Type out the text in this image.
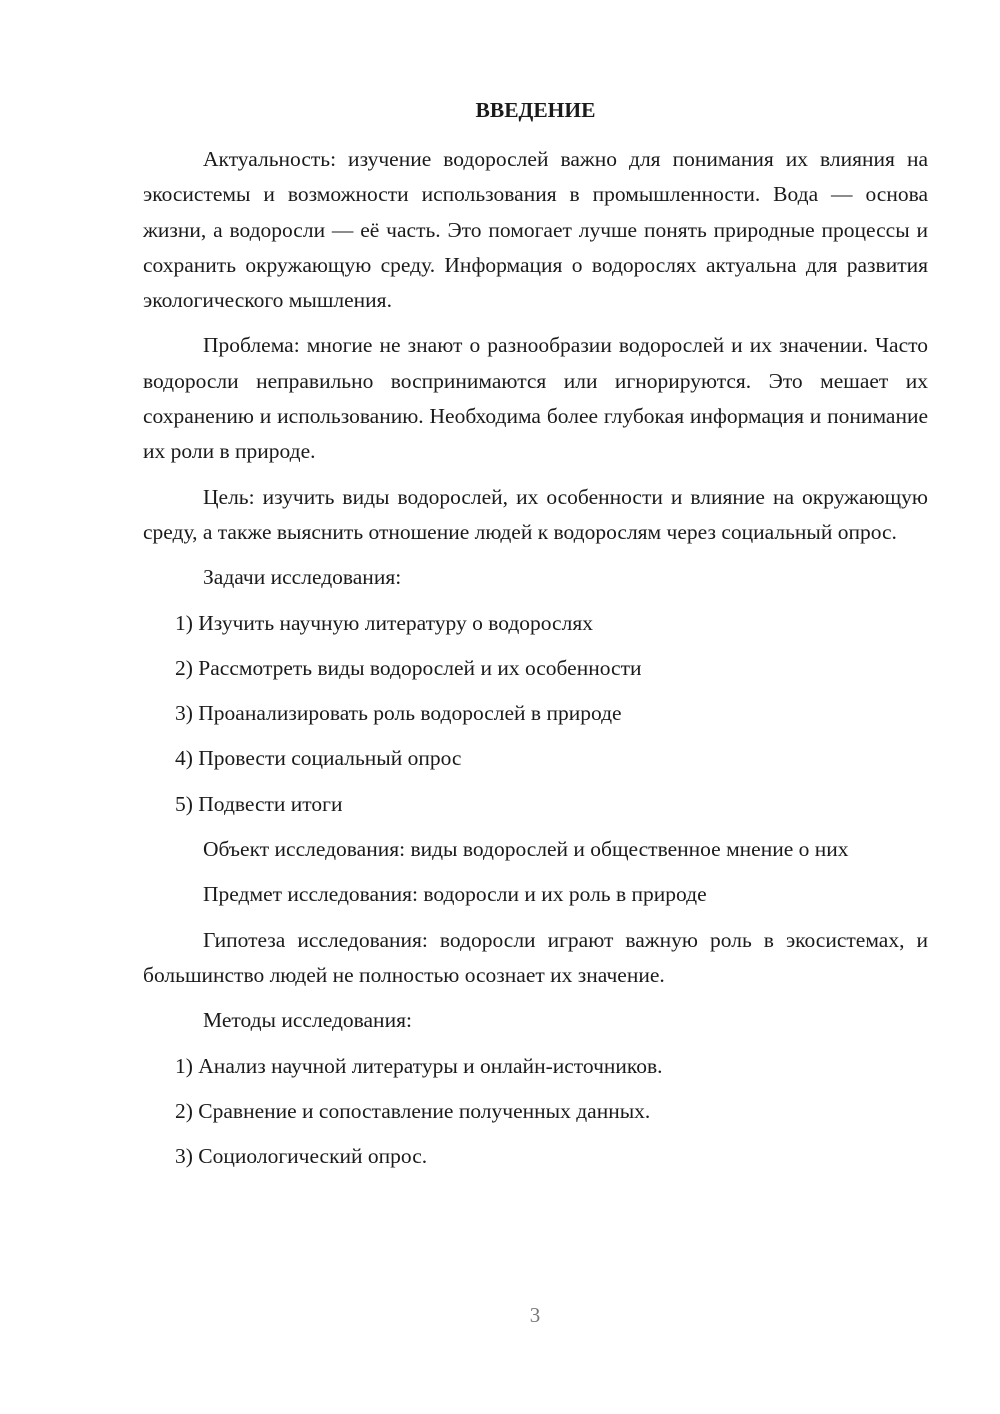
ВВЕДЕНИЕ

Актуальность: изучение водорослей важно для понимания их влияния на экосистемы и возможности использования в промышленности. Вода — основа жизни, а водоросли — её часть. Это помогает лучше понять природные процессы и сохранить окружающую среду. Информация о водорослях актуальна для развития экологического мышления.

Проблема: многие не знают о разнообразии водорослей и их значении. Часто водоросли неправильно воспринимаются или игнорируются. Это мешает их сохранению и использованию. Необходима более глубокая информация и понимание их роли в природе.

Цель: изучить виды водорослей, их особенности и влияние на окружающую среду, а также выяснить отношение людей к водорослям через социальный опрос.

Задачи исследования:

1) Изучить научную литературу о водорослях

2) Рассмотреть виды водорослей и их особенности

3) Проанализировать роль водорослей в природе

4) Провести социальный опрос

5) Подвести итоги

Объект исследования: виды водорослей и общественное мнение о них

Предмет исследования: водоросли и их роль в природе

Гипотеза исследования: водоросли играют важную роль в экосистемах, и большинство людей не полностью осознает их значение.

Методы исследования:

1) Анализ научной литературы и онлайн-источников.

2) Сравнение и сопоставление полученных данных.

3) Социологический опрос.

3
